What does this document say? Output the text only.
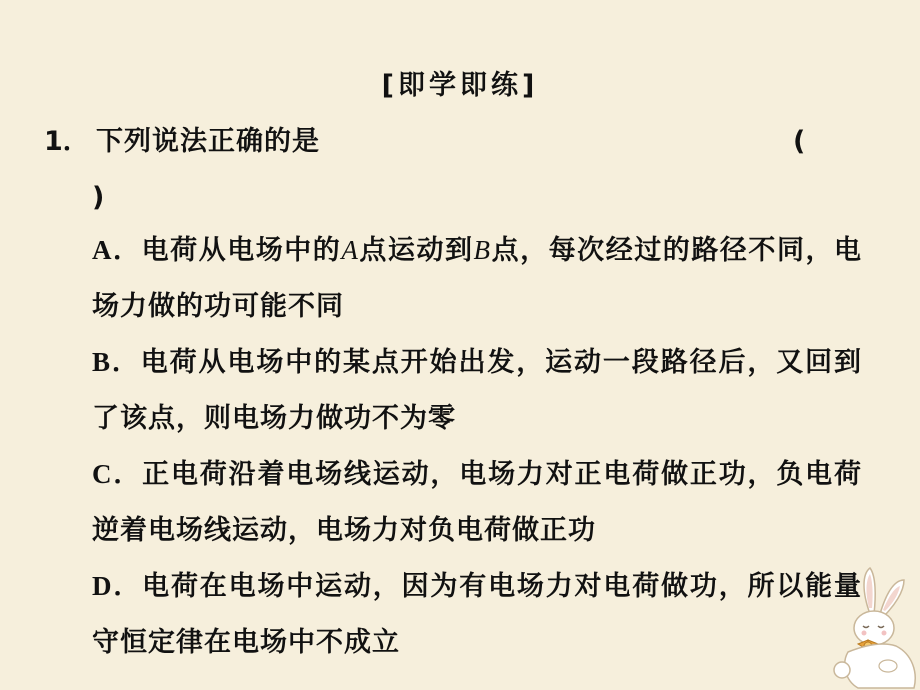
[即学即练]
1． 下列说法正确的是	(
)
A．电荷从电场中的A点运动到B点，每次经过的路径不同，电场力做的功可能不同
B．电荷从电场中的某点开始出发，运动一段路径后，又回到了该点，则电场力做功不为零
C．正电荷沿着电场线运动，电场力对正电荷做正功，负电荷逆着电场线运动，电场力对负电荷做正功
D．电荷在电场中运动，因为有电场力对电荷做功，所以能量守恒定律在电场中不成立
